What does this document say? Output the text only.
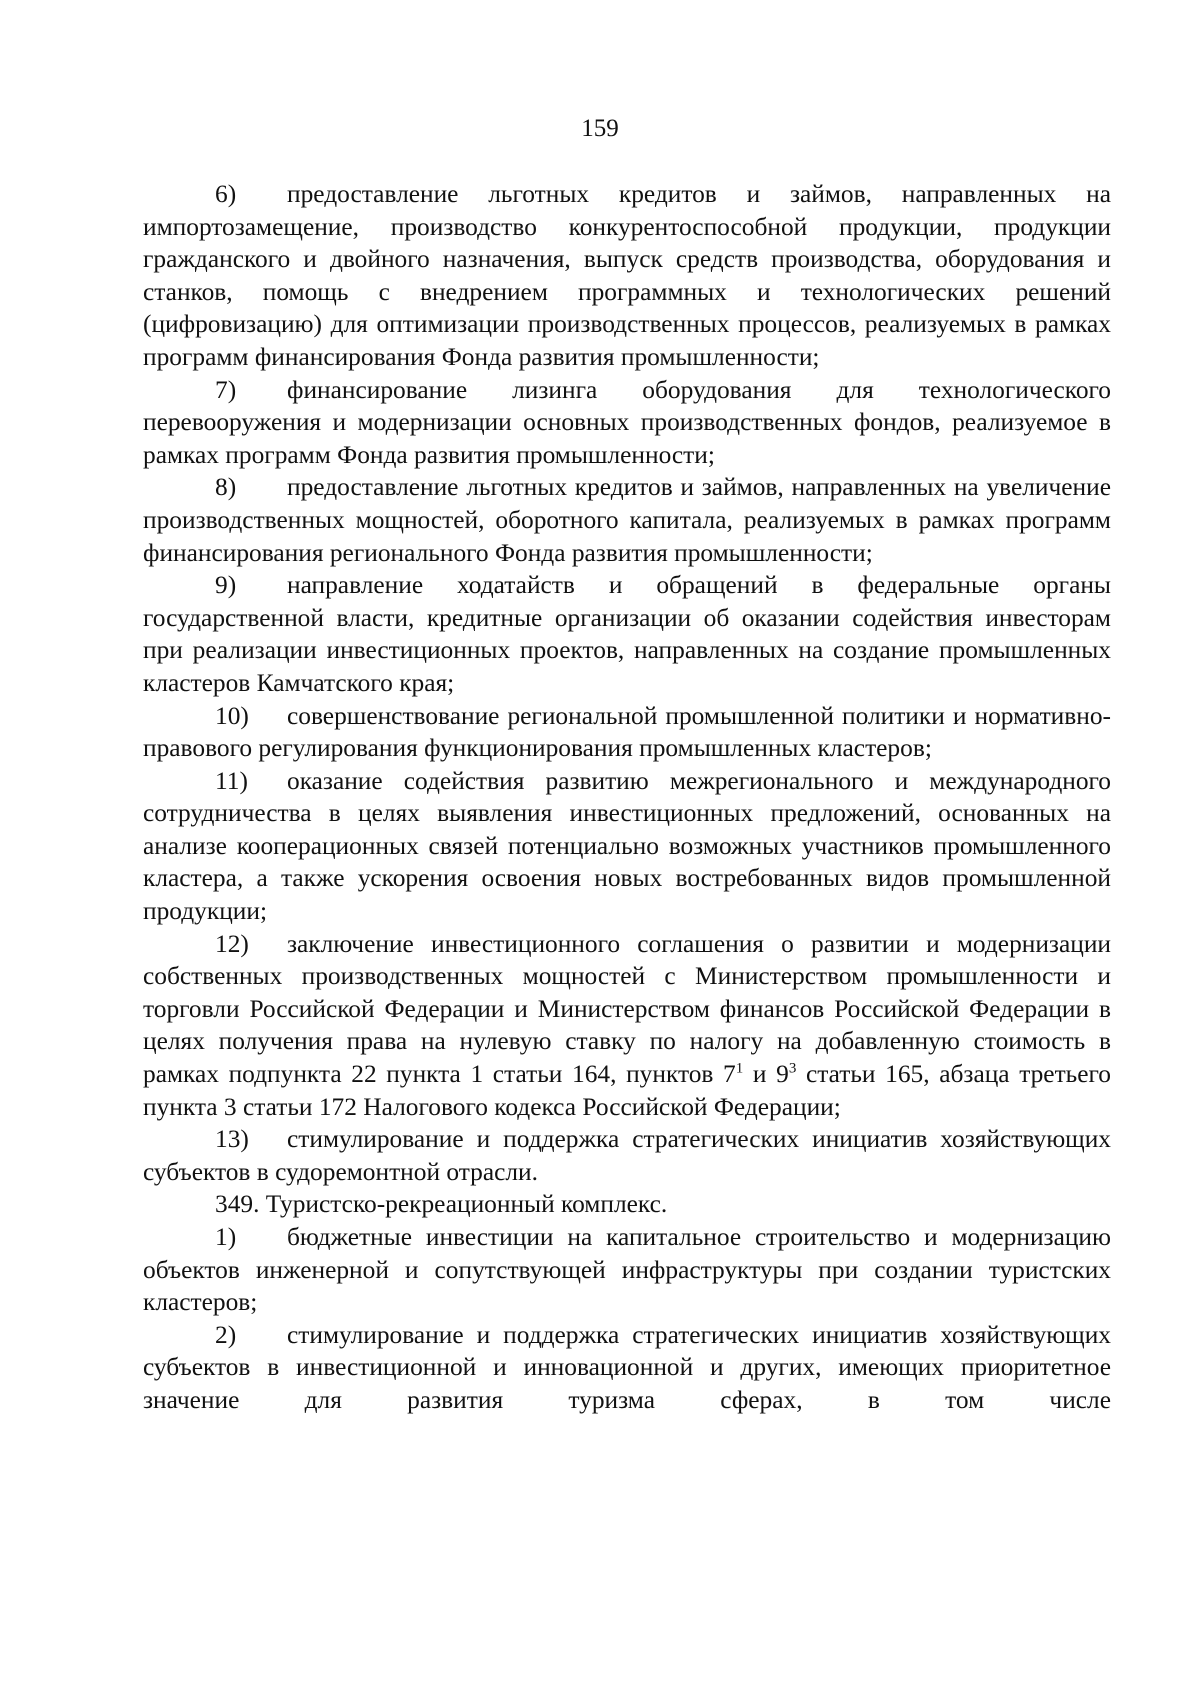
159

6) предоставление льготных кредитов и займов, направленных на импортозамещение, производство конкурентоспособной продукции, продукции гражданского и двойного назначения, выпуск средств производства, оборудования и станков, помощь с внедрением программных и технологических решений (цифровизацию) для оптимизации производственных процессов, реализуемых в рамках программ финансирования Фонда развития промышленности;

7) финансирование лизинга оборудования для технологического перевооружения и модернизации основных производственных фондов, реализуемое в рамках программ Фонда развития промышленности;

8) предоставление льготных кредитов и займов, направленных на увеличение производственных мощностей, оборотного капитала, реализуемых в рамках программ финансирования регионального Фонда развития промышленности;

9) направление ходатайств и обращений в федеральные органы государственной власти, кредитные организации об оказании содействия инвесторам при реализации инвестиционных проектов, направленных на создание промышленных кластеров Камчатского края;

10) совершенствование региональной промышленной политики и нормативно-правового регулирования функционирования промышленных кластеров;

11) оказание содействия развитию межрегионального и международного сотрудничества в целях выявления инвестиционных предложений, основанных на анализе кооперационных связей потенциально возможных участников промышленного кластера, а также ускорения освоения новых востребованных видов промышленной продукции;

12) заключение инвестиционного соглашения о развитии и модернизации собственных производственных мощностей с Министерством промышленности и торговли Российской Федерации и Министерством финансов Российской Федерации в целях получения права на нулевую ставку по налогу на добавленную стоимость в рамках подпункта 22 пункта 1 статьи 164, пунктов $7^1$ и $9^3$ статьи 165, абзаца третьего пункта 3 статьи 172 Налогового кодекса Российской Федерации;

13) стимулирование и поддержка стратегических инициатив хозяйствующих субъектов в судоремонтной отрасли.

349. Туристско-рекреационный комплекс.

1) бюджетные инвестиции на капитальное строительство и модернизацию объектов инженерной и сопутствующей инфраструктуры при создании туристских кластеров;

2) стимулирование и поддержка стратегических инициатив хозяйствующих субъектов в инвестиционной и инновационной и других, имеющих приоритетное значение для развития туризма сферах, в том числе
